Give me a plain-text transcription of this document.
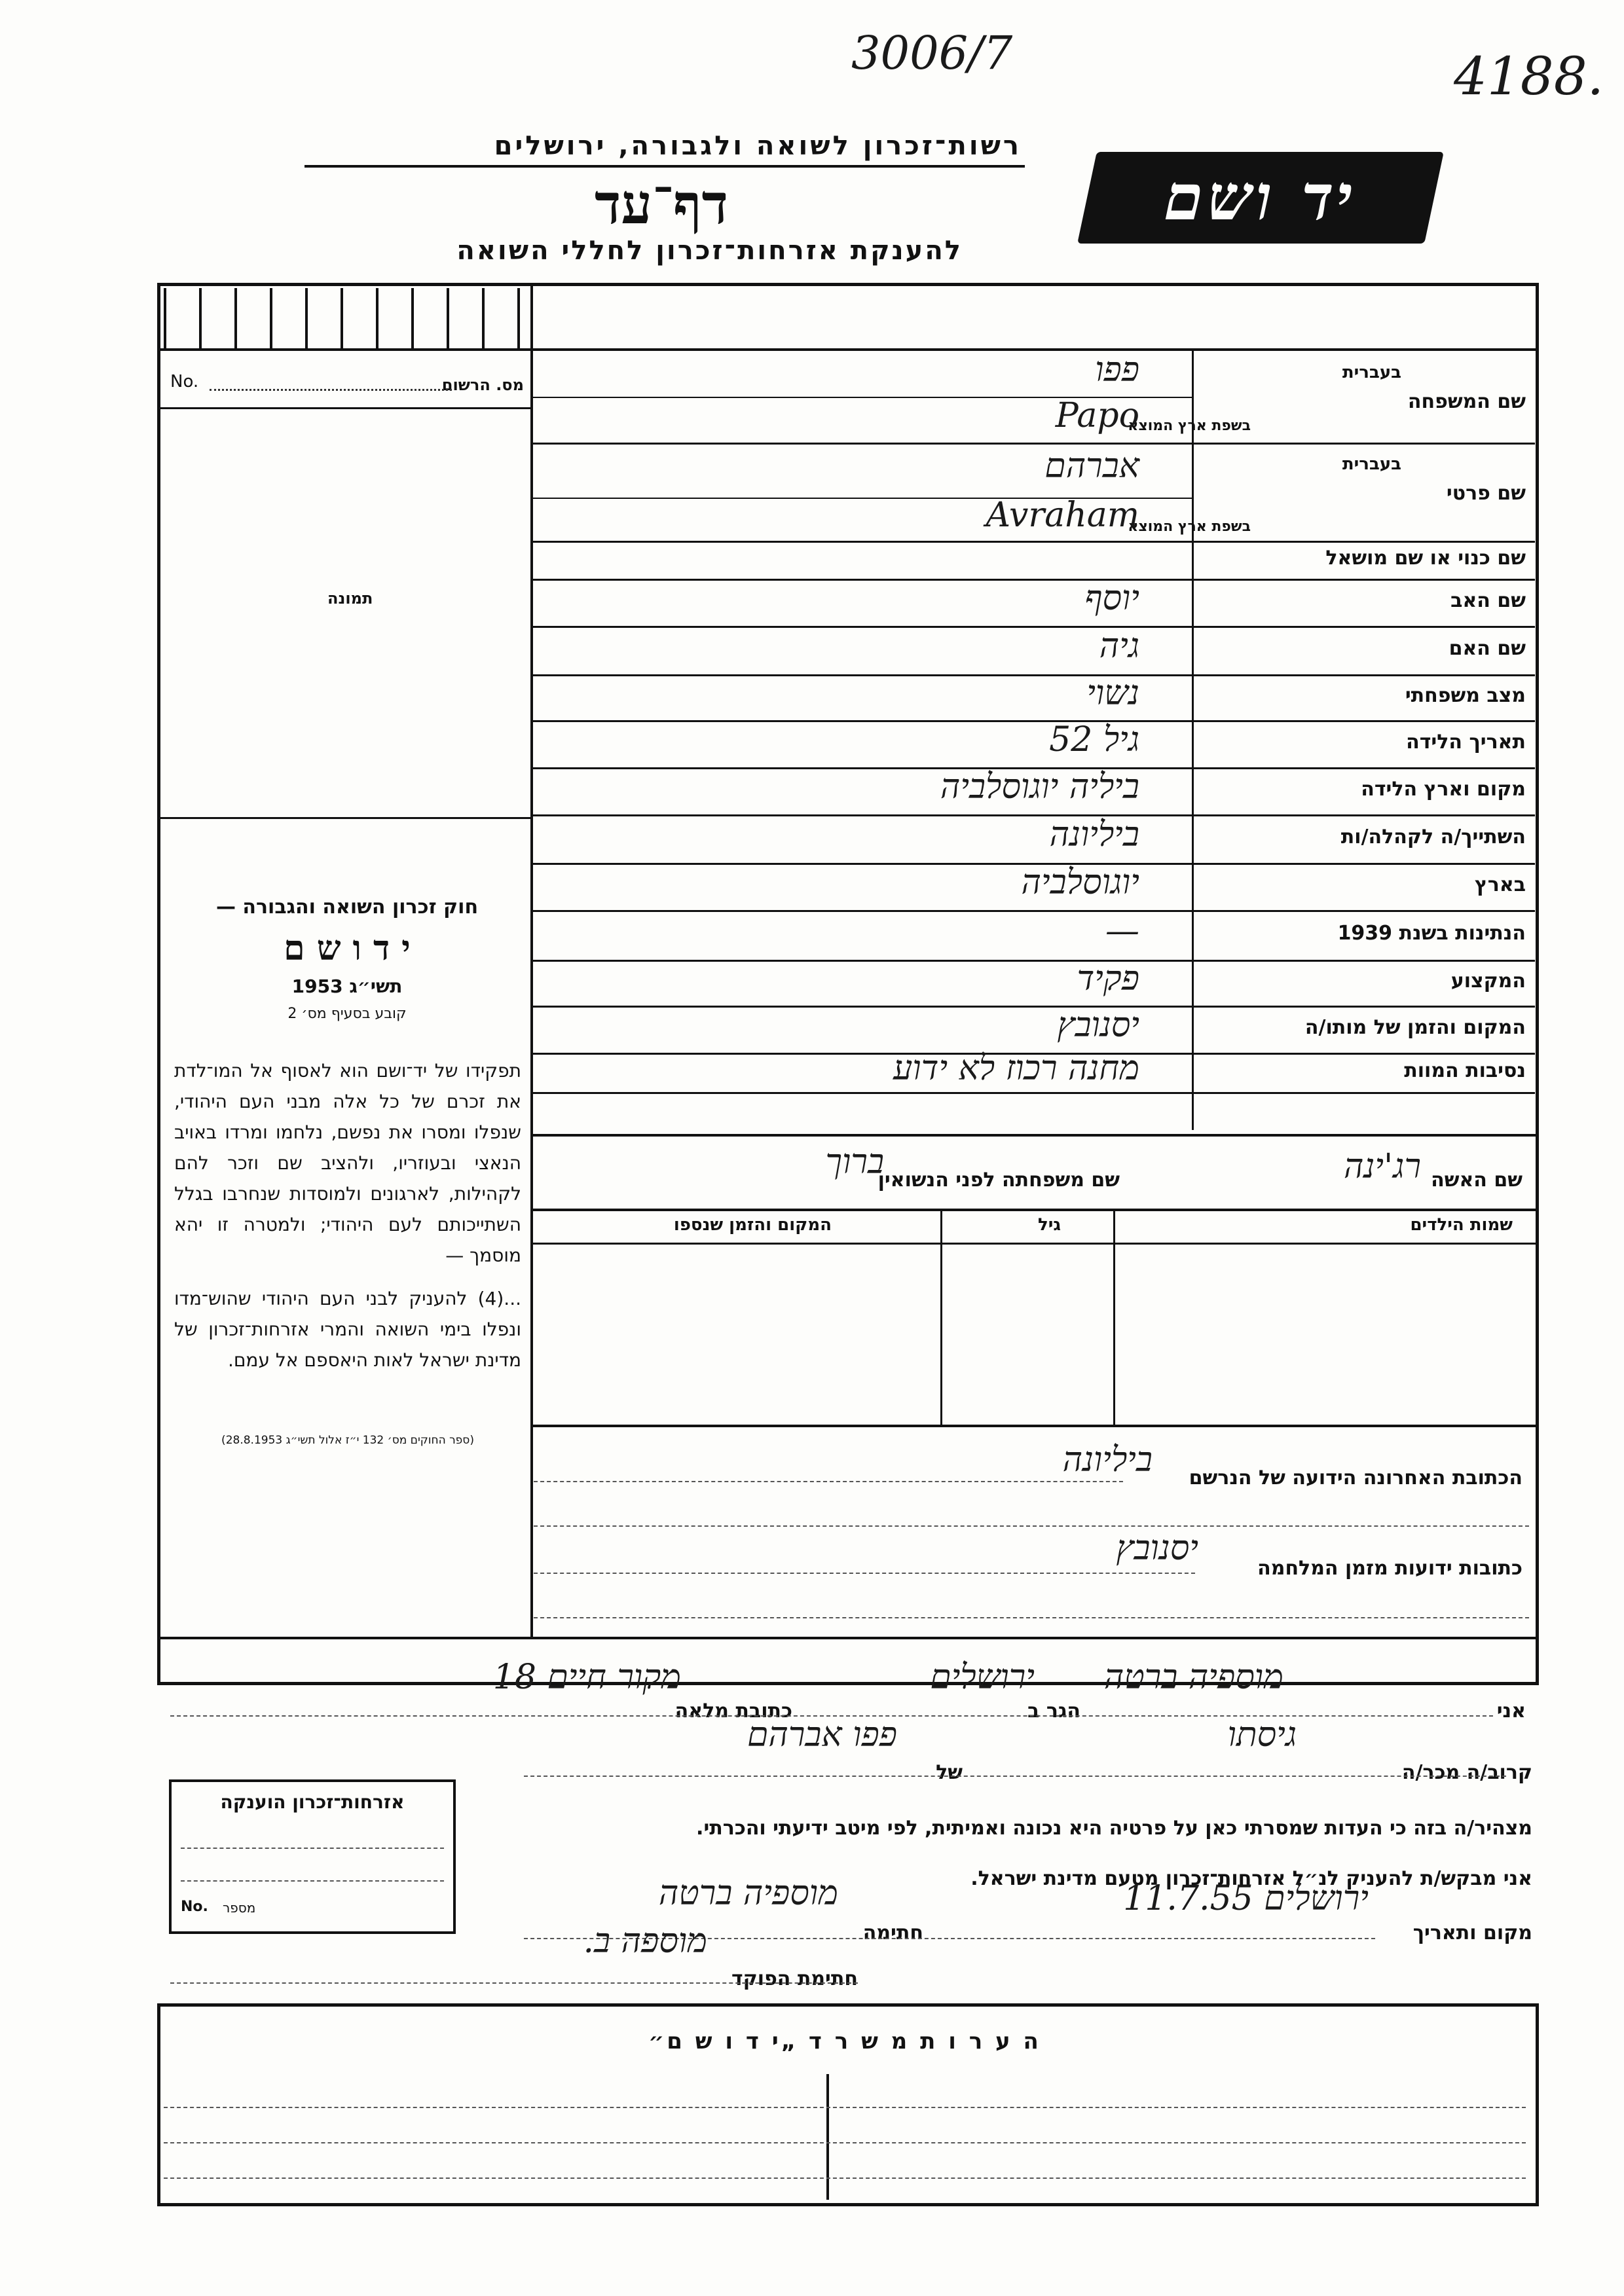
3006/7	4188.
רשות־זכרון לשואה ולגבורה, ירושלים
דף־עד
להענקת אזרחות־זכרון לחללי השואה
יד ושם
מס. הרשום
No.
תמונה
חוק זכרון השואה והגבורה —
י ד ו ש ם
תשי״ג 1953
קובע בסעיף מס׳ 2
תפקידו של יד־ושם הוא לאסוף אל המו־לדת את זכרם של כל אלה מבני העם היהודי, שנפלו ומסרו את נפשם, נלחמו ומרדו באויב הנאצי ובעוזריו, ולהציב שם וזכר להם לקהילות, לארגונים ולמוסדות שנחרבו בגלל השתייכותם לעם היהודי; ולמטרה זו יהא מוסמך —
...(4) להעניק לבני העם היהודי שהוש־מדו ונפלו בימי השואה והמרי אזרחות־זכרון של מדינת ישראל לאות היאספם אל עמם.
(ספר החוקים מס׳ 132 י״ז אלול תשי״ג 28.8.1953)
שם המשפחה
בעברית
פפו
בשפת ארץ המוצא
Papo
שם פרטי
בעברית
אברהם
בשפת ארץ המוצא
Avraham
שם כנוי או שם מושאל
שם האב
יוסף
שם האם
גיה
מצב משפחתי
נשוי
תאריך הלידה
גיל 52
מקום וארץ הלידה
ביליה יוגוסלביה
השתייך/ה לקהלה/ות
ביליונה
בארץ
יוגוסלביה
הנתינות בשנת 1939
—
המקצוע
פקיד
המקום והזמן של מותו/ה
יסנובץ
נסיבות המוות
מחנה רכוז לא ידוע
שם האשה
רג'ינה
שם משפחתה לפני הנשואין
ברוך
שמות הילדים
גיל
המקום והזמן שנספו
הכתובת האחרונה הידועה של הנרשם
ביליונה
כתובות ידועות מזמן המלחמה
יסנובץ
אני
מוספיה ברטה
הגר ב
ירושלים
כתובת מלאה
מקור חיים 18
קרוב/ה מכר/ה
גיסתו
של
פפו אברהם
מצהיר/ה בזה כי העדות שמסרתי כאן על פרטיה היא נכונה ואמיתית, לפי מיטב ידיעתי והכרתי.
אני מבקש/ת להעניק לנ״ל אזרחות־זכרון מטעם מדינת ישראל.
מקום ותאריך
ירושלים 11.7.55
חתימה
מוספיה ברטה
חתימת הפוקד
מוספה ב.
אזרחות־זכרון הוענקה
No. מספר
ה ע ר ו ת מ ש ר ד „י ד ו ש ם״
